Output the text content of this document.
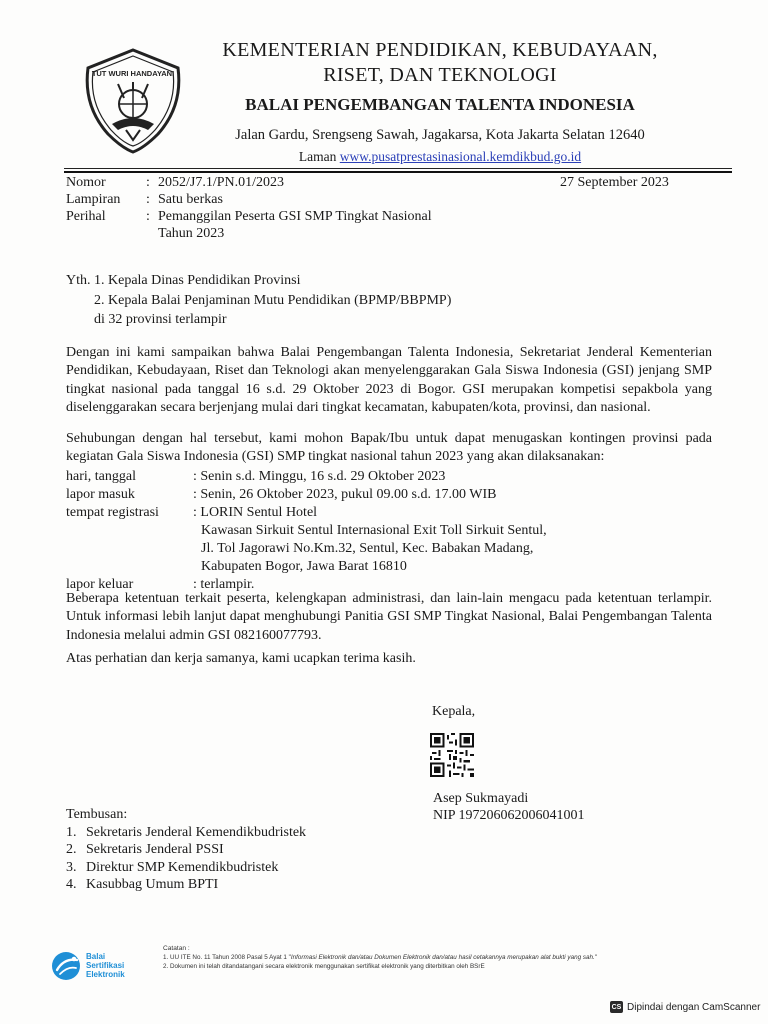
TUT WURI HANDAYANI
KEMENTERIAN PENDIDIKAN, KEBUDAYAAN,
RISET, DAN TEKNOLOGI
BALAI PENGEMBANGAN TALENTA INDONESIA
Jalan Gardu, Srengseng Sawah, Jagakarsa, Kota Jakarta Selatan 12640
Laman www.pusatprestasinasional.kemdikbud.go.id
Nomor	: 2052/J7.1/PN.01/2023
Lampiran	: Satu berkas
Perihal	: Pemanggilan Peserta GSI SMP Tingkat Nasional
Tahun 2023
27 September 2023
Yth. 1. Kepala Dinas Pendidikan Provinsi
2. Kepala Balai Penjaminan Mutu Pendidikan (BPMP/BBPMP)
di 32 provinsi terlampir
Dengan ini kami sampaikan bahwa Balai Pengembangan Talenta Indonesia, Sekretariat Jenderal Kementerian Pendidikan, Kebudayaan, Riset dan Teknologi akan menyelenggarakan Gala Siswa Indonesia (GSI) jenjang SMP tingkat nasional pada tanggal 16 s.d. 29 Oktober 2023 di Bogor. GSI merupakan kompetisi sepakbola yang diselenggarakan secara berjenjang mulai dari tingkat kecamatan, kabupaten/kota, provinsi, dan nasional.
Sehubungan dengan hal tersebut, kami mohon Bapak/Ibu untuk dapat menugaskan kontingen provinsi pada kegiatan Gala Siswa Indonesia (GSI) SMP tingkat nasional tahun 2023 yang akan dilaksanakan:
hari, tanggal	: Senin s.d. Minggu, 16 s.d. 29 Oktober 2023
lapor masuk	: Senin, 26 Oktober 2023, pukul 09.00 s.d. 17.00 WIB
tempat registrasi	: LORIN Sentul Hotel
Kawasan Sirkuit Sentul Internasional Exit Toll Sirkuit Sentul,
Jl. Tol Jagorawi No.Km.32, Sentul, Kec. Babakan Madang,
Kabupaten Bogor, Jawa Barat 16810
lapor keluar	: terlampir.
Beberapa ketentuan terkait peserta, kelengkapan administrasi, dan lain-lain mengacu pada ketentuan terlampir. Untuk informasi lebih lanjut dapat menghubungi Panitia GSI SMP Tingkat Nasional, Balai Pengembangan Talenta Indonesia melalui admin GSI 082160077793.
Atas perhatian dan kerja samanya, kami ucapkan terima kasih.
Kepala,
Asep Sukmayadi
NIP 197206062006041001
Tembusan:
1. Sekretaris Jenderal Kemendikbudristek
2. Sekretaris Jenderal PSSI
3. Direktur SMP Kemendikbudristek
4. Kasubbag Umum BPTI
Balai
Sertifikasi
Elektronik
Catatan :
1. UU ITE No. 11 Tahun 2008 Pasal 5 Ayat 1 "Informasi Elektronik dan/atau Dokumen Elektronik dan/atau hasil cetakannya merupakan alat bukti yang sah."
2. Dokumen ini telah ditandatangani secara elektronik menggunakan sertifikat elektronik yang diterbitkan oleh BSrE
CS Dipindai dengan CamScanner
